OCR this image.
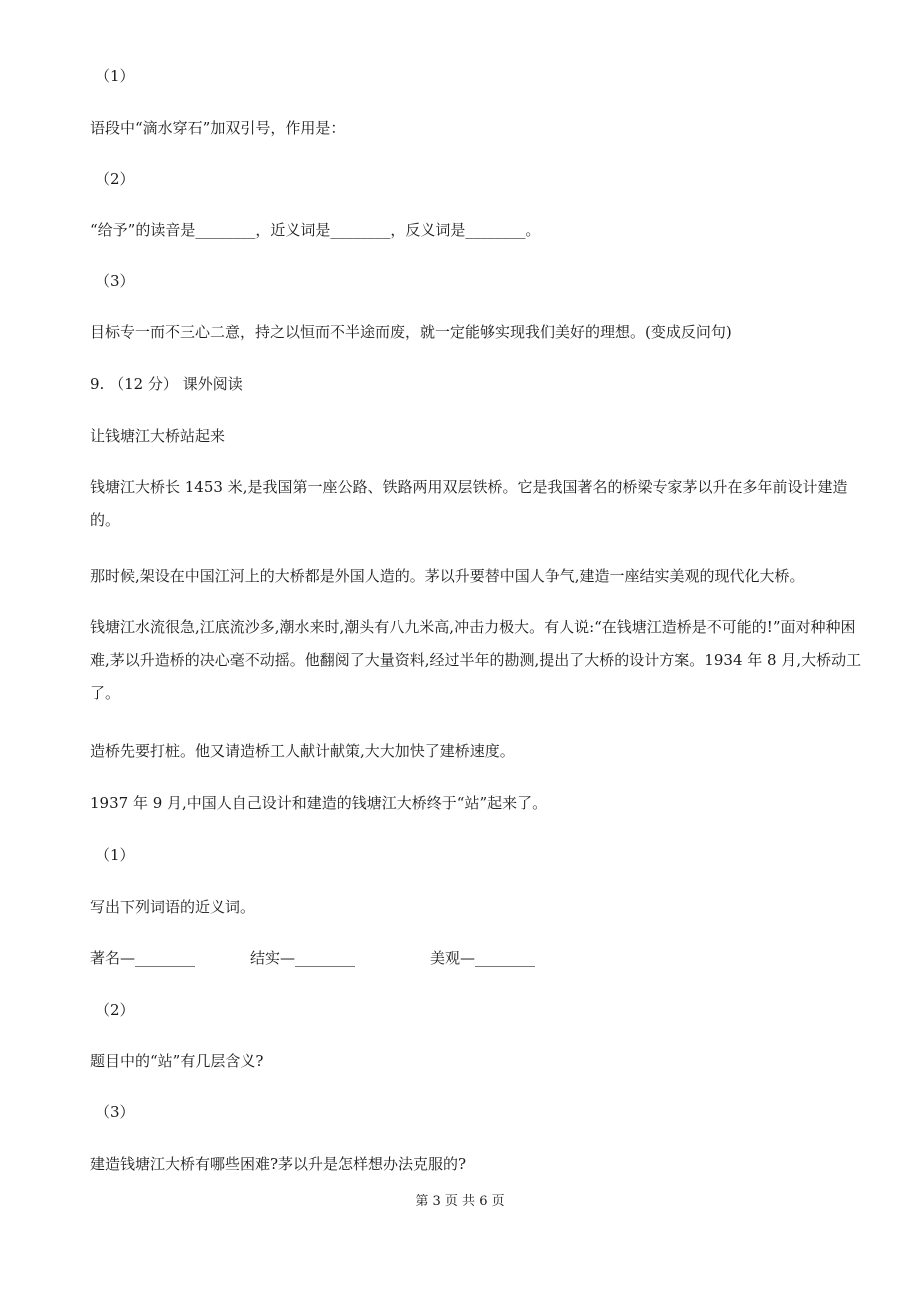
（1）
语段中“滴水穿石”加双引号，作用是：
（2）
“给予”的读音是________，近义词是________，反义词是________。
（3）
目标专一而不三心二意，持之以恒而不半途而废，就一定能够实现我们美好的理想。(变成反问句)
9. （12 分） 课外阅读
让钱塘江大桥站起来
钱塘江大桥长 1453 米,是我国第一座公路、铁路两用双层铁桥。它是我国著名的桥梁专家茅以升在多年前设计建造的。
那时候,架设在中国江河上的大桥都是外国人造的。茅以升要替中国人争气,建造一座结实美观的现代化大桥。
钱塘江水流很急,江底流沙多,潮水来时,潮头有八九米高,冲击力极大。有人说:“在钱塘江造桥是不可能的!”面对种种困难,茅以升造桥的决心毫不动摇。他翻阅了大量资料,经过半年的勘测,提出了大桥的设计方案。1934 年 8 月,大桥动工了。
造桥先要打桩。他又请造桥工人献计献策,大大加快了建桥速度。
1937 年 9 月,中国人自己设计和建造的钱塘江大桥终于“站”起来了。
（1）
写出下列词语的近义词。
著名—________	结实—________	美观—________
（2）
题目中的“站”有几层含义?
（3）
建造钱塘江大桥有哪些困难?茅以升是怎样想办法克服的?
第 3 页 共 6 页
